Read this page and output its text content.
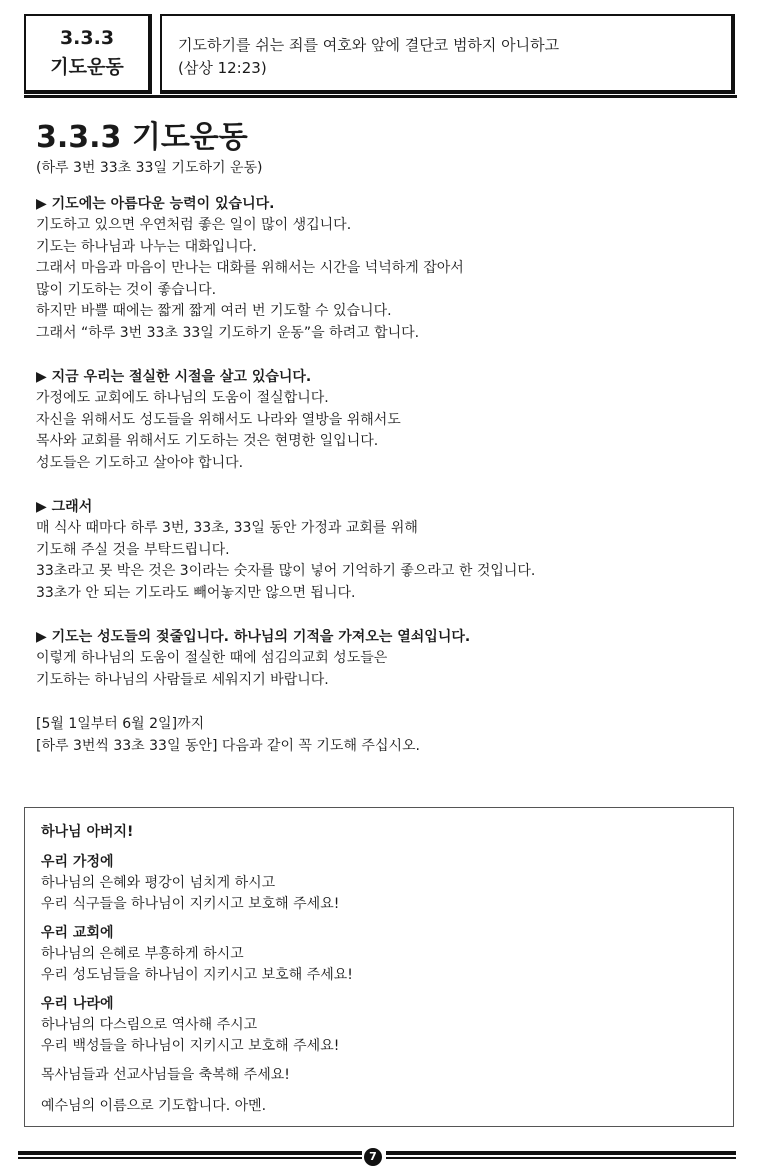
3.3.3
기도운동
기도하기를 쉬는 죄를 여호와 앞에 결단코 범하지 아니하고
(삼상 12:23)
3.3.3 기도운동

(하루 3번 33초 33일 기도하기 운동)

▶ 기도에는 아름다운 능력이 있습니다.

기도하고 있으면 우연처럼 좋은 일이 많이 생깁니다.

기도는 하나님과 나누는 대화입니다.

그래서 마음과 마음이 만나는 대화를 위해서는 시간을 넉넉하게 잡아서

많이 기도하는 것이 좋습니다.

하지만 바쁠 때에는 짧게 짧게 여러 번 기도할 수 있습니다.

그래서 “하루 3번 33초 33일 기도하기 운동”을 하려고 합니다.

▶ 지금 우리는 절실한 시절을 살고 있습니다.

가정에도 교회에도 하나님의 도움이 절실합니다.

자신을 위해서도 성도들을 위해서도 나라와 열방을 위해서도

목사와 교회를 위해서도 기도하는 것은 현명한 일입니다.

성도들은 기도하고 살아야 합니다.

▶ 그래서

매 식사 때마다 하루 3번, 33초, 33일 동안 가정과 교회를 위해

기도해 주실 것을 부탁드립니다.

33초라고 못 박은 것은 3이라는 숫자를 많이 넣어 기억하기 좋으라고 한 것입니다.

33초가 안 되는 기도라도 빼어놓지만 않으면 됩니다.

▶ 기도는 성도들의 젖줄입니다. 하나님의 기적을 가져오는 열쇠입니다.

이렇게 하나님의 도움이 절실한 때에 섬김의교회 성도들은

기도하는 하나님의 사람들로 세워지기 바랍니다.

[5월 1일부터 6월 2일]까지

[하루 3번씩 33초 33일 동안] 다음과 같이 꼭 기도해 주십시오.

하나님 아버지!

우리 가정에

하나님의 은혜와 평강이 넘치게 하시고

우리 식구들을 하나님이 지키시고 보호해 주세요!

우리 교회에

하나님의 은혜로 부흥하게 하시고

우리 성도님들을 하나님이 지키시고 보호해 주세요!

우리 나라에

하나님의 다스림으로 역사해 주시고

우리 백성들을 하나님이 지키시고 보호해 주세요!

목사님들과 선교사님들을 축복해 주세요!

예수님의 이름으로 기도합니다. 아멘.

7
